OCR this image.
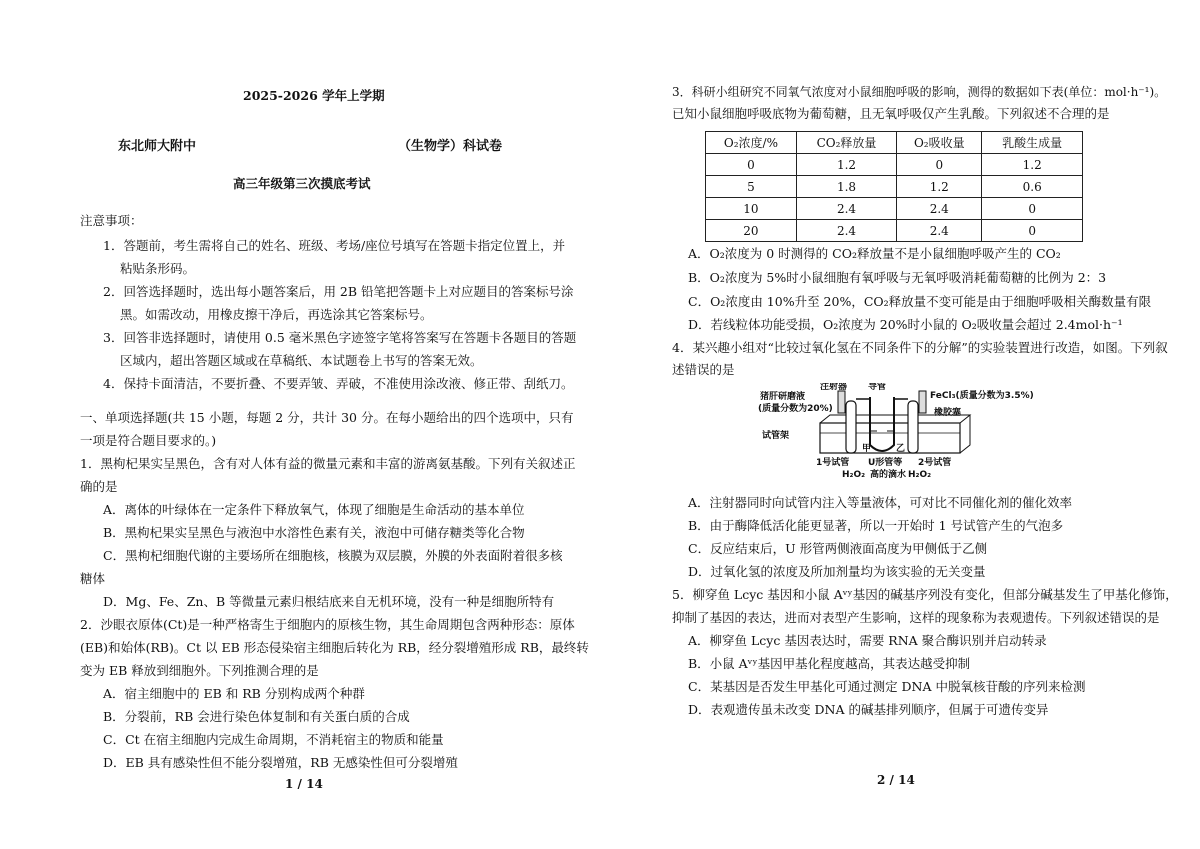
2025-2026 学年上学期
东北师大附中	（生物学）科试卷
高三年级第三次摸底考试
注意事项：
1．答题前，考生需将自己的姓名、班级、考场/座位号填写在答题卡指定位置上，并
粘贴条形码。
2．回答选择题时，选出每小题答案后，用 2B 铅笔把答题卡上对应题目的答案标号涂
黑。如需改动，用橡皮擦干净后，再选涂其它答案标号。
3．回答非选择题时，请使用 0.5 毫米黑色字迹签字笔将答案写在答题卡各题目的答题
区域内，超出答题区域或在草稿纸、本试题卷上书写的答案无效。
4．保持卡面清洁，不要折叠、不要弄皱、弄破，不准使用涂改液、修正带、刮纸刀。
一、单项选择题(共 15 小题，每题 2 分，共计 30 分。在每小题给出的四个选项中，只有
一项是符合题目要求的。)
1．黑枸杞果实呈黑色，含有对人体有益的微量元素和丰富的游离氨基酸。下列有关叙述正
确的是
A．离体的叶绿体在一定条件下释放氧气，体现了细胞是生命活动的基本单位
B．黑枸杞果实呈黑色与液泡中水溶性色素有关，液泡中可储存糖类等化合物
C．黑枸杞细胞代谢的主要场所在细胞核，核膜为双层膜，外膜的外表面附着很多核
糖体
D．Mg、Fe、Zn、B 等微量元素归根结底来自无机环境，没有一种是细胞所特有
2．沙眼衣原体(Ct)是一种严格寄生于细胞内的原核生物，其生命周期包含两种形态：原体
(EB)和始体(RB)。Ct 以 EB 形态侵染宿主细胞后转化为 RB，经分裂增殖形成 RB，最终转
变为 EB 释放到细胞外。下列推测合理的是
A．宿主细胞中的 EB 和 RB 分别构成两个种群
B．分裂前，RB 会进行染色体复制和有关蛋白质的合成
C．Ct 在宿主细胞内完成生命周期，不消耗宿主的物质和能量
D．EB 具有感染性但不能分裂增殖，RB 无感染性但可分裂增殖
1 / 14
3．科研小组研究不同氧气浓度对小鼠细胞呼吸的影响，测得的数据如下表(单位：mol·h⁻¹)。
已知小鼠细胞呼吸底物为葡萄糖，且无氧呼吸仅产生乳酸。下列叙述不合理的是
O₂浓度/%	CO₂释放量	O₂吸收量	乳酸生成量
0	1.2	0	1.2
5	1.8	1.2	0.6
10	2.4	2.4	0
20	2.4	2.4	0
A．O₂浓度为 0 时测得的 CO₂释放量不是小鼠细胞呼吸产生的 CO₂
B．O₂浓度为 5%时小鼠细胞有氧呼吸与无氧呼吸消耗葡萄糖的比例为 2：3
C．O₂浓度由 10%升至 20%，CO₂释放量不变可能是由于细胞呼吸相关酶数量有限
D．若线粒体功能受损，O₂浓度为 20%时小鼠的 O₂吸收量会超过 2.4mol·h⁻¹
4．某兴趣小组对“比较过氧化氢在不同条件下的分解”的实验装置进行改造，如图。下列叙
述错误的是
注射器 导管
猪肝研磨液
(质量分数为20%)
FeCl₃(质量分数为3.5%)
橡胶塞
试管架
甲	乙
1号试管	2号试管
U形管等
高的滴水
H₂O₂	H₂O₂
A．注射器同时向试管内注入等量液体，可对比不同催化剂的催化效率
B．由于酶降低活化能更显著，所以一开始时 1 号试管产生的气泡多
C．反应结束后，U 形管两侧液面高度为甲侧低于乙侧
D．过氧化氢的浓度及所加剂量均为该实验的无关变量
5．柳穿鱼 Lcyc 基因和小鼠 Aᵛʸ基因的碱基序列没有变化，但部分碱基发生了甲基化修饰，
抑制了基因的表达，进而对表型产生影响，这样的现象称为表观遗传。下列叙述错误的是
A．柳穿鱼 Lcyc 基因表达时，需要 RNA 聚合酶识别并启动转录
B．小鼠 Aᵛʸ基因甲基化程度越高，其表达越受抑制
C．某基因是否发生甲基化可通过测定 DNA 中脱氧核苷酸的序列来检测
D．表观遗传虽未改变 DNA 的碱基排列顺序，但属于可遗传变异
2 / 14
